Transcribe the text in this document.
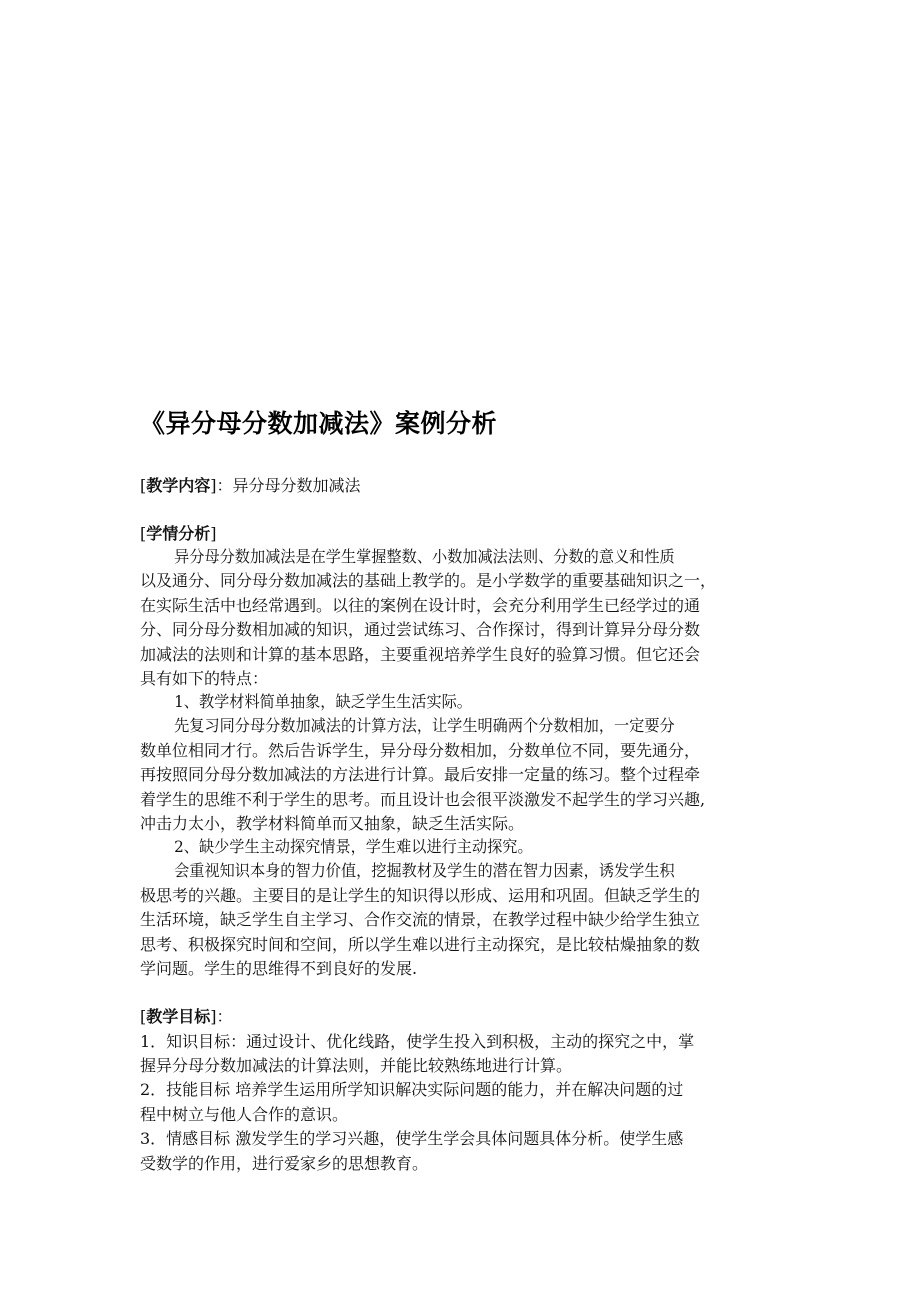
《异分母分数加减法》案例分析
[教学内容]：异分母分数加减法
[学情分析]
异分母分数加减法是在学生掌握整数、小数加减法法则、分数的意义和性质
以及通分、同分母分数加减法的基础上教学的。是小学数学的重要基础知识之一，
在实际生活中也经常遇到。以往的案例在设计时，会充分利用学生已经学过的通
分、同分母分数相加减的知识，通过尝试练习、合作探讨，得到计算异分母分数
加减法的法则和计算的基本思路，主要重视培养学生良好的验算习惯。但它还会
具有如下的特点：
1、教学材料简单抽象，缺乏学生生活实际。
先复习同分母分数加减法的计算方法，让学生明确两个分数相加，一定要分
数单位相同才行。然后告诉学生，异分母分数相加，分数单位不同，要先通分，
再按照同分母分数加减法的方法进行计算。最后安排一定量的练习。整个过程牵
着学生的思维不利于学生的思考。而且设计也会很平淡激发不起学生的学习兴趣,
冲击力太小，教学材料简单而又抽象，缺乏生活实际。
2、缺少学生主动探究情景，学生难以进行主动探究。
会重视知识本身的智力价值，挖掘教材及学生的潜在智力因素，诱发学生积
极思考的兴趣。主要目的是让学生的知识得以形成、运用和巩固。但缺乏学生的
生活环境，缺乏学生自主学习、合作交流的情景，在教学过程中缺少给学生独立
思考、积极探究时间和空间，所以学生难以进行主动探究，是比较枯燥抽象的数
学问题。学生的思维得不到良好的发展.
[教学目标]：
1．知识目标：通过设计、优化线路，使学生投入到积极，主动的探究之中，掌
握异分母分数加减法的计算法则，并能比较熟练地进行计算。
2．技能目标 培养学生运用所学知识解决实际问题的能力，并在解决问题的过
程中树立与他人合作的意识。
3．情感目标 激发学生的学习兴趣，使学生学会具体问题具体分析。使学生感
受数学的作用，进行爱家乡的思想教育。
